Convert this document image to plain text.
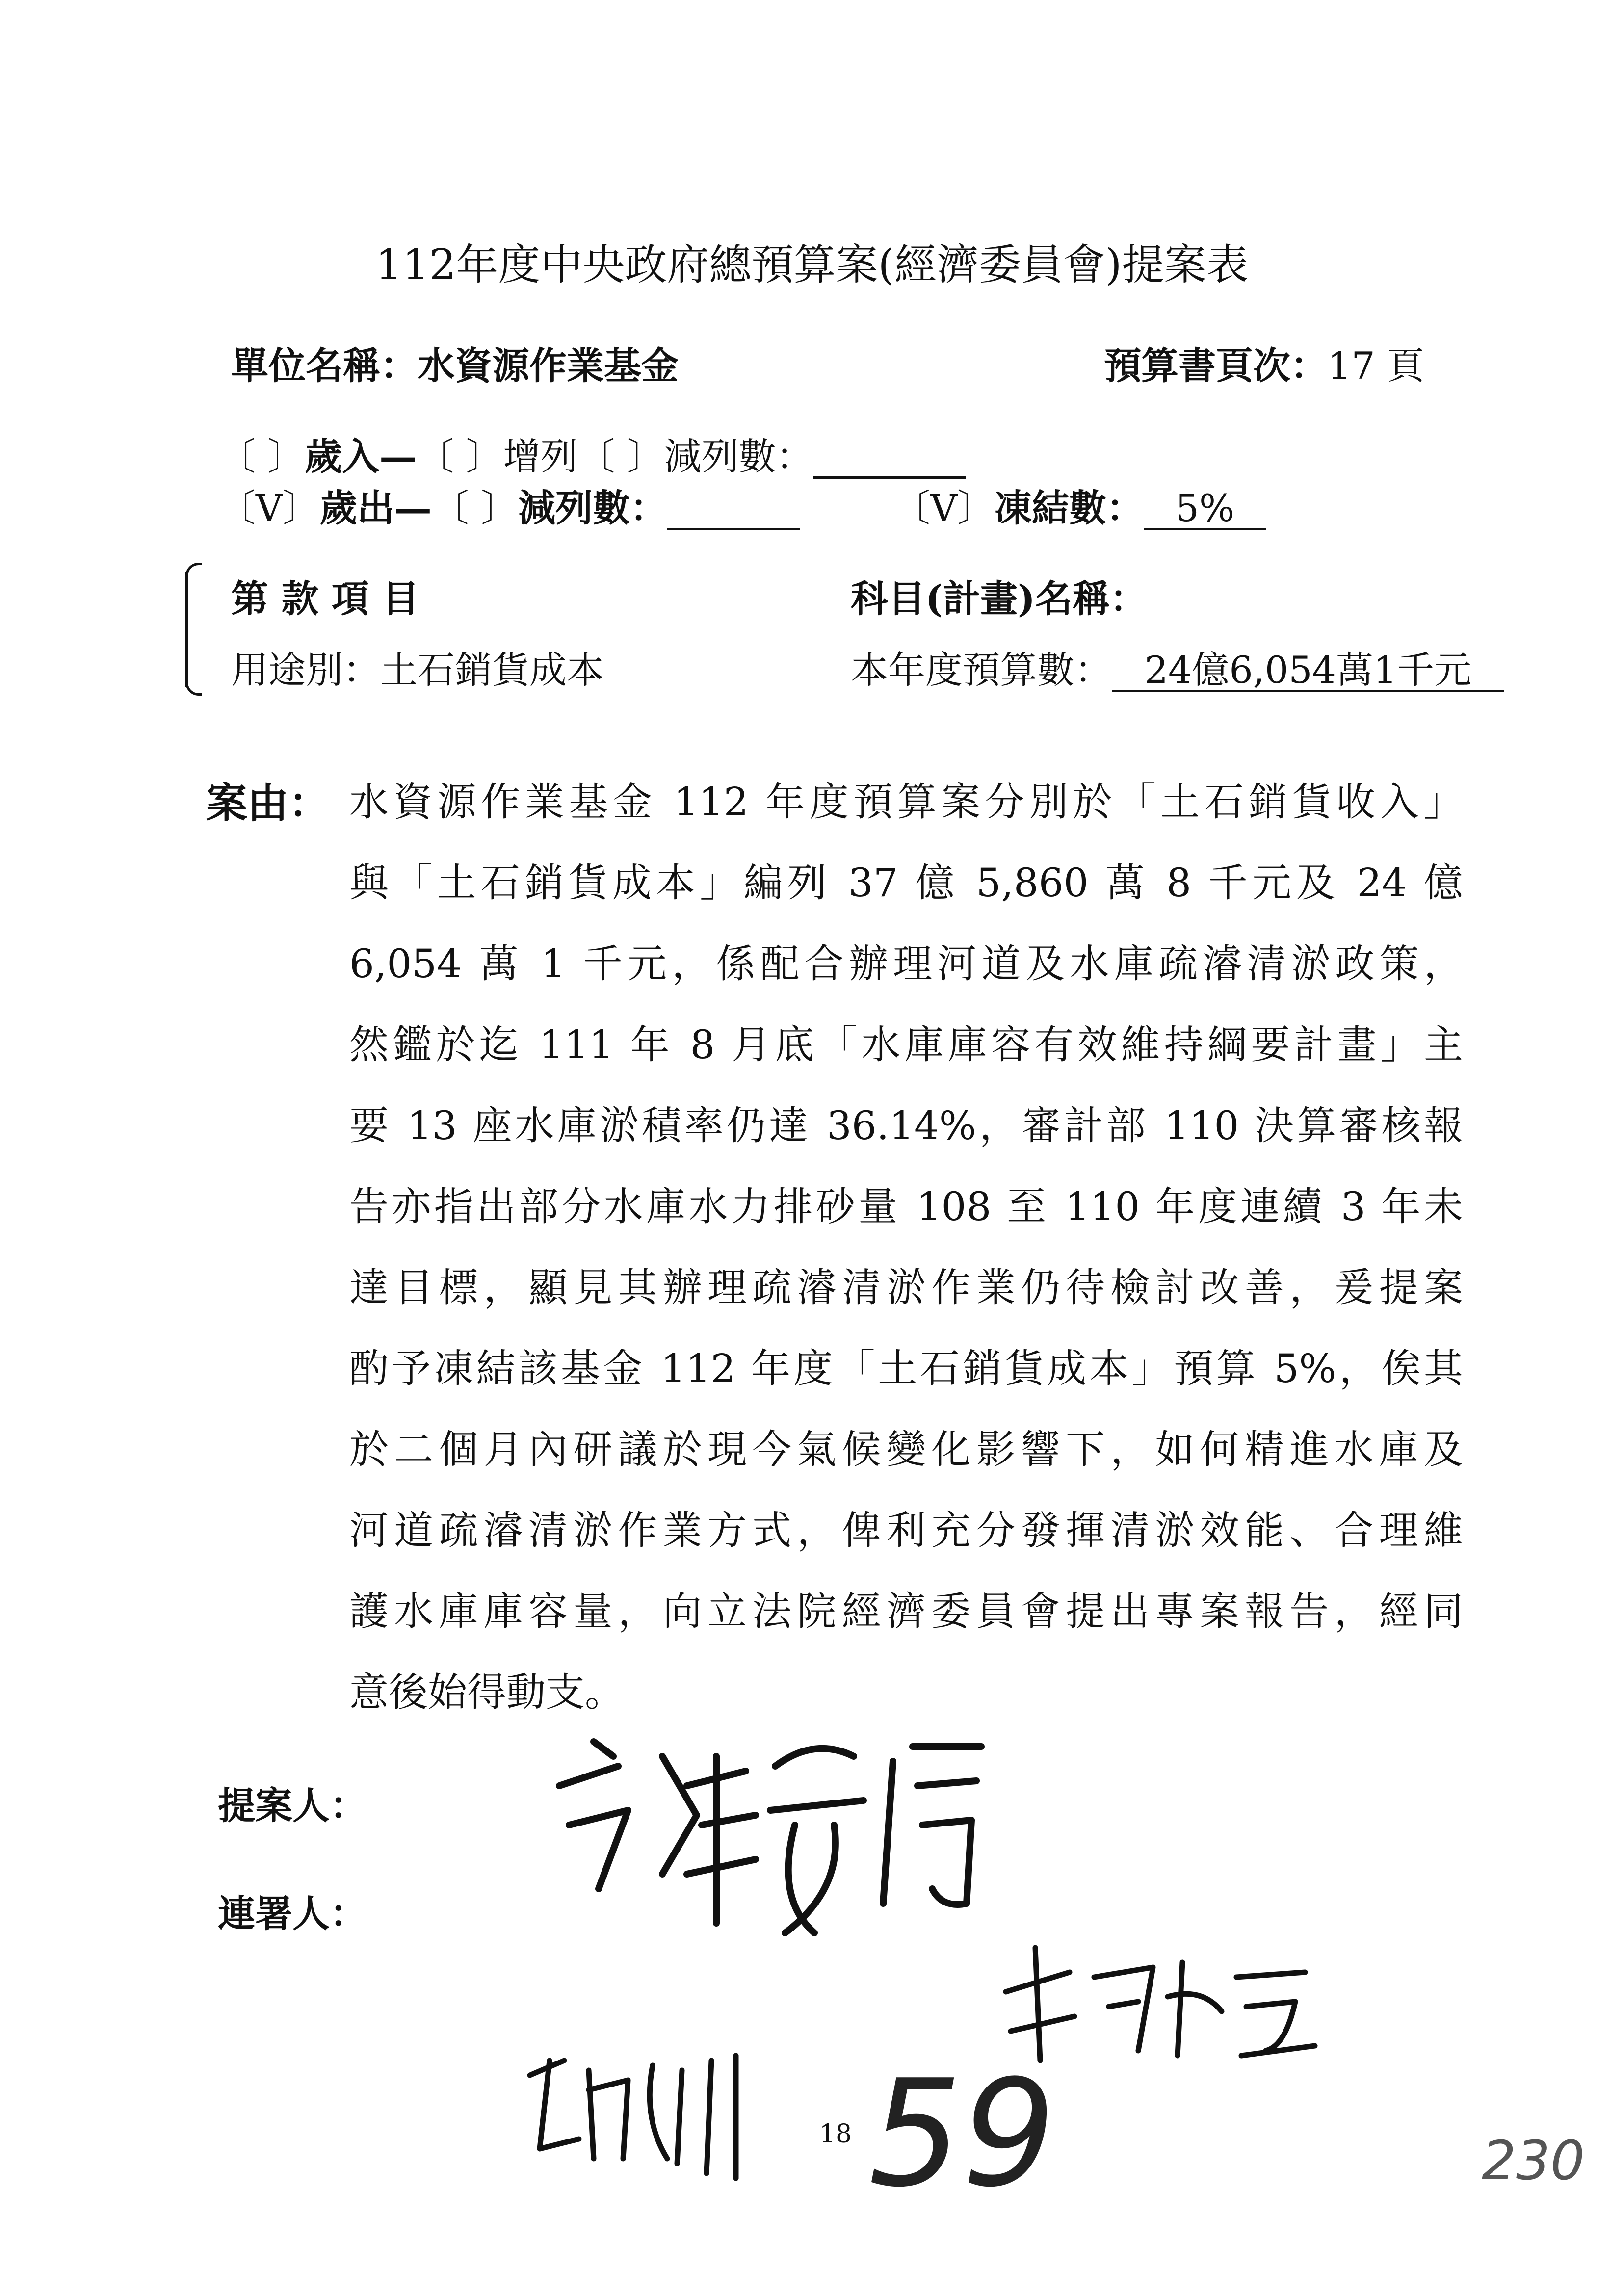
112年度中央政府總預算案(經濟委員會)提案表
單位名稱：水資源作業基金	預算書頁次：17 頁
〔 〕歲入—〔 〕增列〔 〕減列數：
〔V〕歲出—〔 〕減列數：	〔V〕凍結數： 5%
第 款 項 目	科目(計畫)名稱：
用途別：土石銷貨成本	本年度預算數： 24億6,054萬1千元
案由： 水資源作業基金 112 年度預算案分別於「土石銷貨收入」
與「土石銷貨成本」編列 37 億 5,860 萬 8 千元及 24 億
6,054 萬 1 千元，係配合辦理河道及水庫疏濬清淤政策，
然鑑於迄 111 年 8 月底「水庫庫容有效維持綱要計畫」主
要 13 座水庫淤積率仍達 36.14%，審計部 110 決算審核報
告亦指出部分水庫水力排砂量 108 至 110 年度連續 3 年未
達目標，顯見其辦理疏濬清淤作業仍待檢討改善，爰提案
酌予凍結該基金 112 年度「土石銷貨成本」預算 5%，俟其
於二個月內研議於現今氣候變化影響下，如何精進水庫及
河道疏濬清淤作業方式，俾利充分發揮清淤效能、合理維
護水庫庫容量，向立法院經濟委員會提出專案報告，經同
意後始得動支。
提案人：
連署人：
18 59	230
